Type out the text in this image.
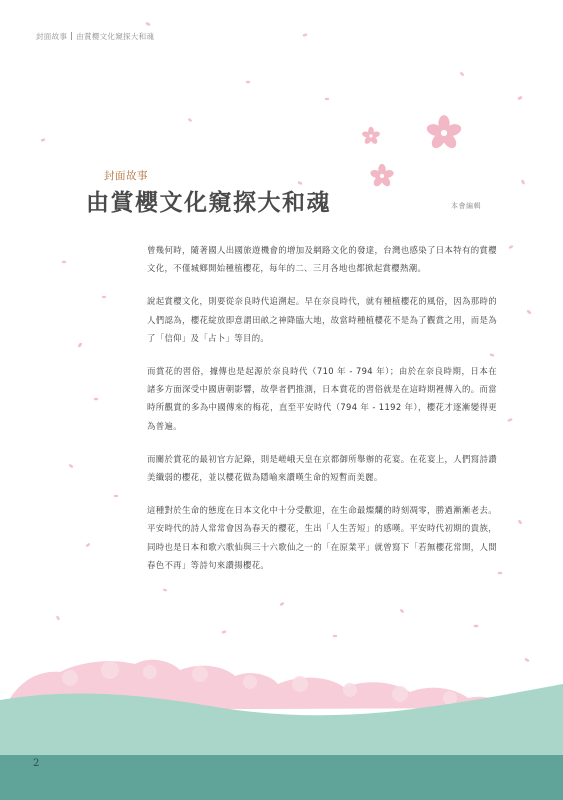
封面故事 由賞櫻文化窺探大和魂
封面故事
由賞櫻文化窺探大和魂	本會編輯

曾幾何時，隨著國人出國旅遊機會的增加及網路文化的發達，台灣也感染了日本特有的賞櫻文化，不僅城鄉開始種植櫻花，每年的二、三月各地也都掀起賞櫻熱潮。

說起賞櫻文化，則要從奈良時代追溯起。早在奈良時代，就有種植櫻花的風俗，因為那時的人們認為，櫻花綻放即意謂田畝之神降臨大地，故當時種植櫻花不是為了觀賞之用，而是為了「信仰」及「占卜」等目的。

而賞花的習俗，據傳也是起源於奈良時代（710 年 - 794 年）；由於在奈良時期，日本在諸多方面深受中國唐朝影響，故學者們推測，日本賞花的習俗就是在這時期裡傳入的。而當時所觀賞的多為中國傳來的梅花，直至平安時代（794 年 - 1192 年），櫻花才逐漸變得更為普遍。

而關於賞花的最初官方記錄，則是嵯峨天皇在京都御所舉辦的花宴。在花宴上，人們寫詩讚美纖弱的櫻花，並以櫻花做為隱喻來讚嘆生命的短暫而美麗。

這種對於生命的態度在日本文化中十分受歡迎，在生命最燦爛的時刻凋零，勝過漸漸老去。平安時代的詩人常常會因為春天的櫻花，生出「人生苦短」的感嘆。平安時代初期的貴族，同時也是日本和歌六歌仙與三十六歌仙之一的「在原業平」就曾寫下「若無櫻花常開，人間春色不再」等詩句來讚揚櫻花。

2
